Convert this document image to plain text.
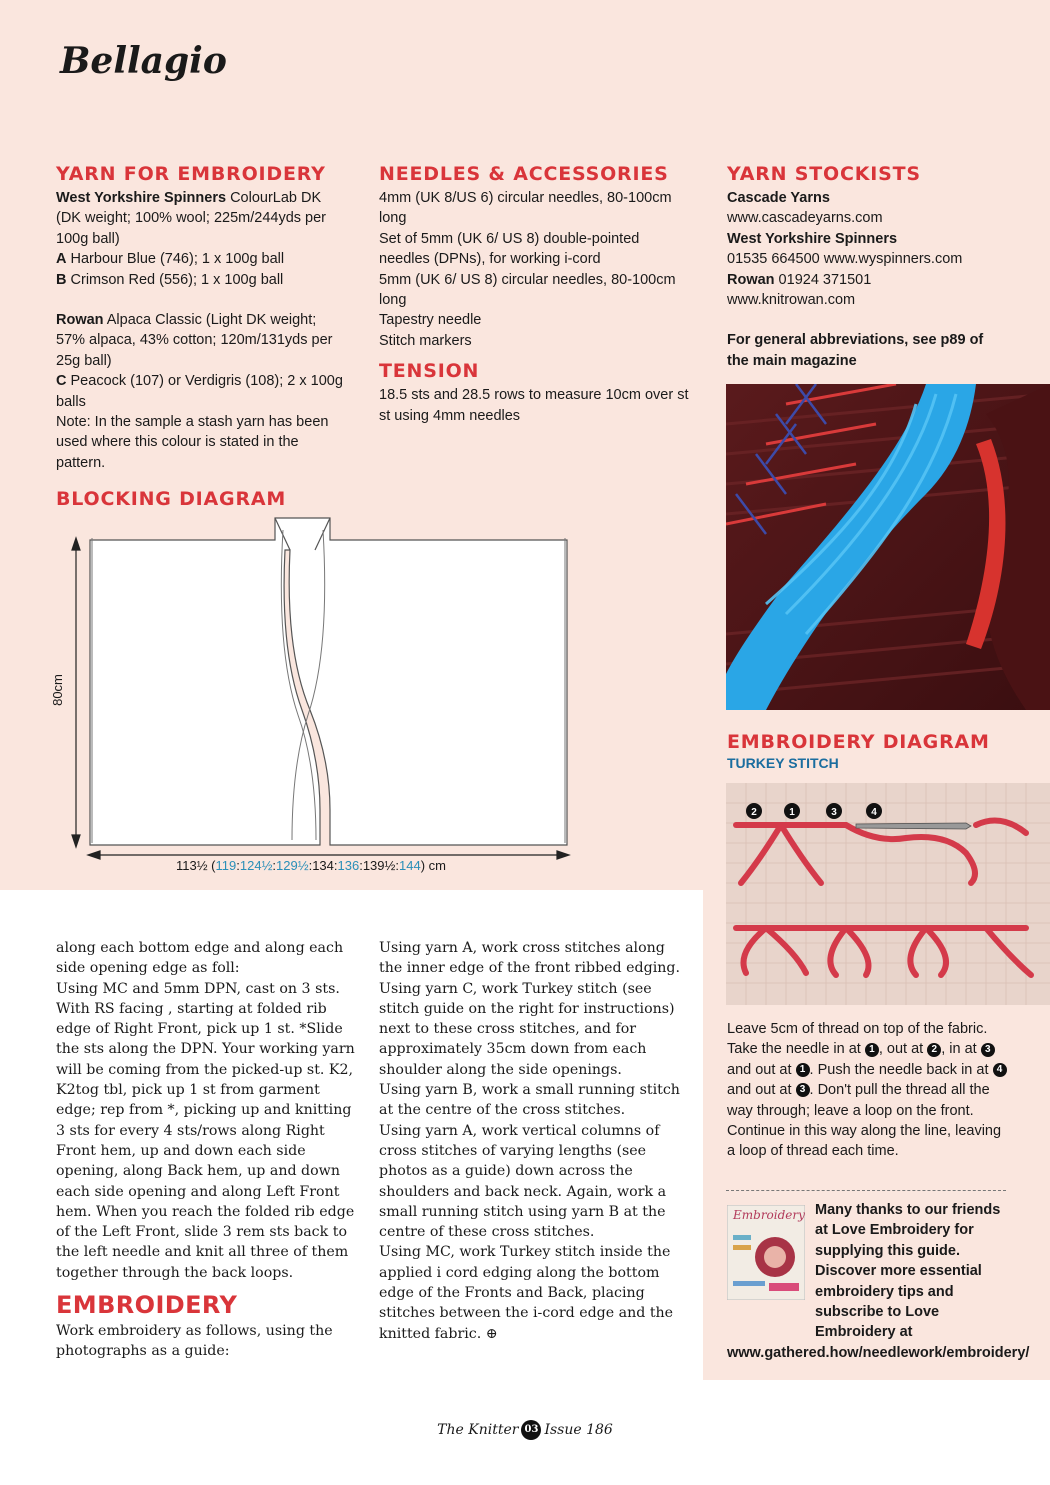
Bellagio
YARN FOR EMBROIDERY

West Yorkshire Spinners ColourLab DK

(DK weight; 100% wool; 225m/244yds per 100g ball)

A Harbour Blue (746); 1 x 100g ball

B Crimson Red (556); 1 x 100g ball

Rowan Alpaca Classic (Light DK weight; 57% alpaca, 43% cotton; 120m/131yds per 25g ball)

C Peacock (107) or Verdigris (108); 2 x 100g balls

Note: In the sample a stash yarn has been used where this colour is stated in the pattern.

NEEDLES & ACCESSORIES

4mm (UK 8/US 6) circular needles, 80-100cm long

Set of 5mm (UK 6/ US 8) double-pointed needles (DPNs), for working i-cord

5mm (UK 6/ US 8) circular needles, 80-100cm long

Tapestry needle

Stitch markers

TENSION

18.5 sts and 28.5 rows to measure 10cm over st st using 4mm needles

YARN STOCKISTS

Cascade Yarns

www.cascadeyarns.com

West Yorkshire Spinners

01535 664500 www.wyspinners.com

Rowan 01924 371501

www.knitrowan.com

For general abbreviations, see p89 of the main magazine

BLOCKING DIAGRAM
80cm
113½ (119:124½:129½:134:136:139½:144) cm
along each bottom edge and along each side opening edge as foll:
Using MC and 5mm DPN, cast on 3 sts. With RS facing , starting at folded rib edge of Right Front, pick up 1 st. *Slide the sts along the DPN. Your working yarn will be coming from the picked-up st. K2, K2tog tbl, pick up 1 st from garment edge; rep from *, picking up and knitting 3 sts for every 4 sts/rows along Right Front hem, up and down each side opening, along Back hem, up and down each side opening and along Left Front hem. When you reach the folded rib edge of the Left Front, slide 3 rem sts back to the left needle and knit all three of them together through the back loops.
EMBROIDERY
Work embroidery as follows, using the photographs as a guide:
Using yarn A, work cross stitches along the inner edge of the front ribbed edging.
Using yarn C, work Turkey stitch (see stitch guide on the right for instructions) next to these cross stitches, and for approximately 35cm down from each shoulder along the side openings.
Using yarn B, work a small running stitch at the centre of the cross stitches.
Using yarn A, work vertical columns of cross stitches of varying lengths (see photos as a guide) down across the shoulders and back neck. Again, work a small running stitch using yarn B at the centre of these cross stitches.
Using MC, work Turkey stitch inside the applied i cord edging along the bottom edge of the Fronts and Back, placing stitches between the i-cord edge and the knitted fabric. ⊕
EMBROIDERY DIAGRAM
TURKEY STITCH
2	1	3	4

Leave 5cm of thread on top of the fabric. Take the needle in at 1 , out at 2 , in at 3 and out at 1 . Push the needle back in at 4 and out at 3 . Don't pull the thread all the way through; leave a loop on the front. Continue in this way along the line, leaving a loop of thread each time.

Embroidery Many thanks to our friends at Love Embroidery for supplying this guide. Discover more essential embroidery tips and subscribe to Love Embroidery at

www.gathered.how/needlework/embroidery/

The Knitter 03 Issue 186
